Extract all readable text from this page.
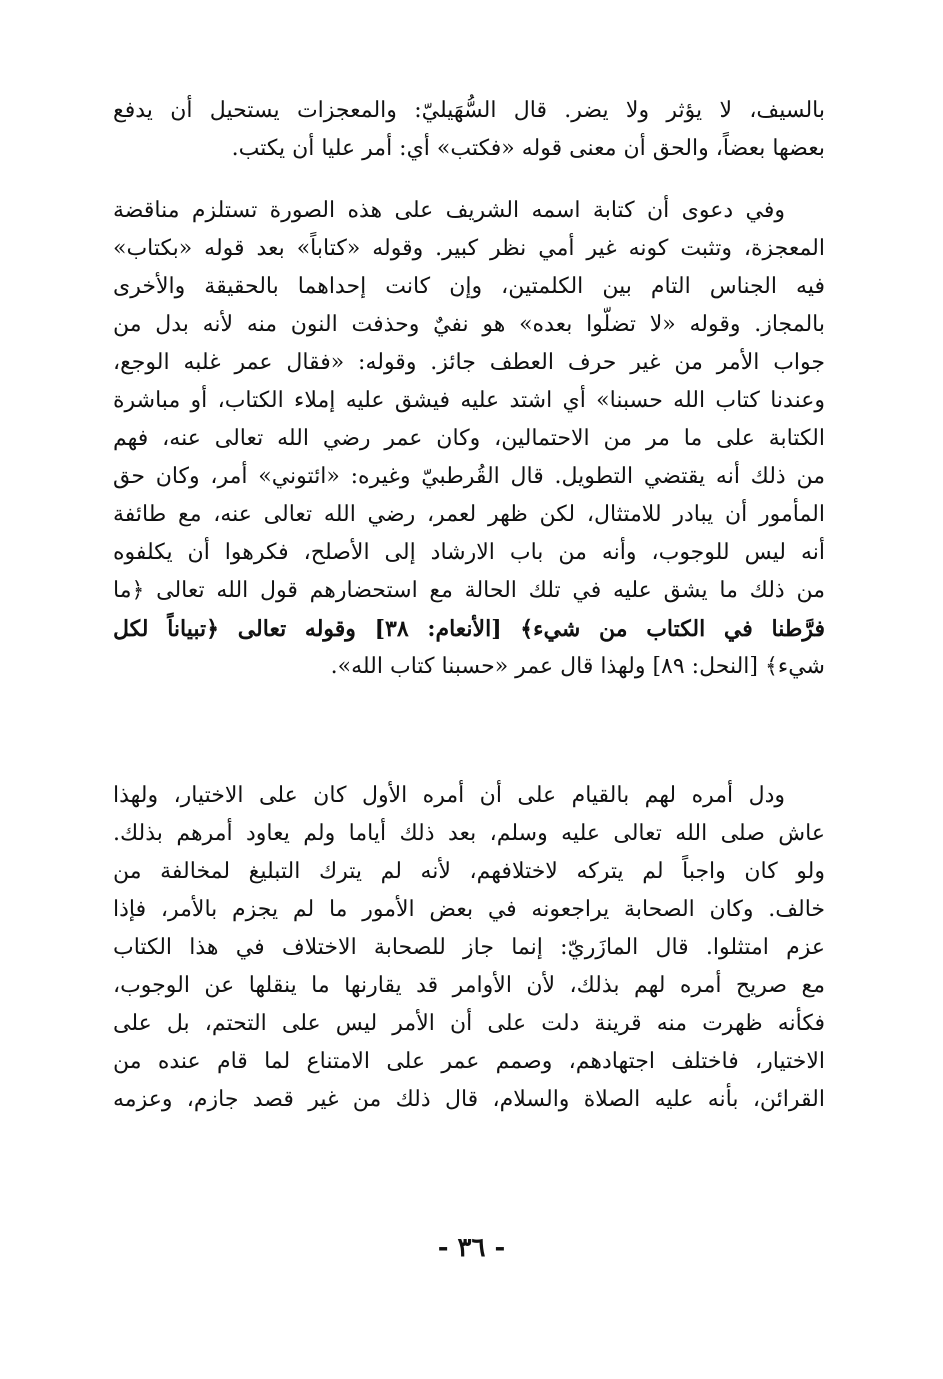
بالسيف، لا يؤثر ولا يضر. قال السُّهَيليّ: والمعجزات يستحيل أن يدفع
بعضها بعضاً، والحق أن معنى قوله «فكتب» أي: أمر عليا أن يكتب.
وفي دعوى أن كتابة اسمه الشريف على هذه الصورة تستلزم مناقضة
المعجزة، وتثبت كونه غير أمي نظر كبير. وقوله «كتاباً» بعد قوله «بكتاب»
فيه الجناس التام بين الكلمتين، وإن كانت إحداهما بالحقيقة والأخرى
بالمجاز. وقوله «لا تضلّوا بعده» هو نفيٌ وحذفت النون منه لأنه بدل من
جواب الأمر من غير حرف العطف جائز. وقوله: «فقال عمر غلبه الوجع،
وعندنا كتاب الله حسبنا» أي اشتد عليه فيشق عليه إملاء الكتاب، أو مباشرة
الكتابة على ما مر من الاحتمالين، وكان عمر رضي الله تعالى عنه، فهم
من ذلك أنه يقتضي التطويل. قال القُرطبيّ وغيره: «ائتوني» أمر، وكان حق
المأمور أن يبادر للامتثال، لكن ظهر لعمر، رضي الله تعالى عنه، مع طائفة
أنه ليس للوجوب، وأنه من باب الارشاد إلى الأصلح، فكرهوا أن يكلفوه
من ذلك ما يشق عليه في تلك الحالة مع استحضارهم قول الله تعالى ﴿ما
فرَّطنا في الكتاب من شيء﴾ [الأنعام: ٣٨] وقوله تعالى ﴿تبياناً لكل
شيء﴾ [النحل: ٨٩] ولهذا قال عمر «حسبنا كتاب الله».
ودل أمره لهم بالقيام على أن أمره الأول كان على الاختيار، ولهذا
عاش صلى الله تعالى عليه وسلم، بعد ذلك أياما ولم يعاود أمرهم بذلك.
ولو كان واجباً لم يتركه لاختلافهم، لأنه لم يترك التبليغ لمخالفة من
خالف. وكان الصحابة يراجعونه في بعض الأمور ما لم يجزم بالأمر، فإذا
عزم امتثلوا. قال المازَريّ: إنما جاز للصحابة الاختلاف في هذا الكتاب
مع صريح أمره لهم بذلك، لأن الأوامر قد يقارنها ما ينقلها عن الوجوب،
فكأنه ظهرت منه قرينة دلت على أن الأمر ليس على التحتم، بل على
الاختيار، فاختلف اجتهادهم، وصمم عمر على الامتناع لما قام عنده من
القرائن، بأنه عليه الصلاة والسلام، قال ذلك من غير قصد جازم، وعزمه
- ٣٦ -
